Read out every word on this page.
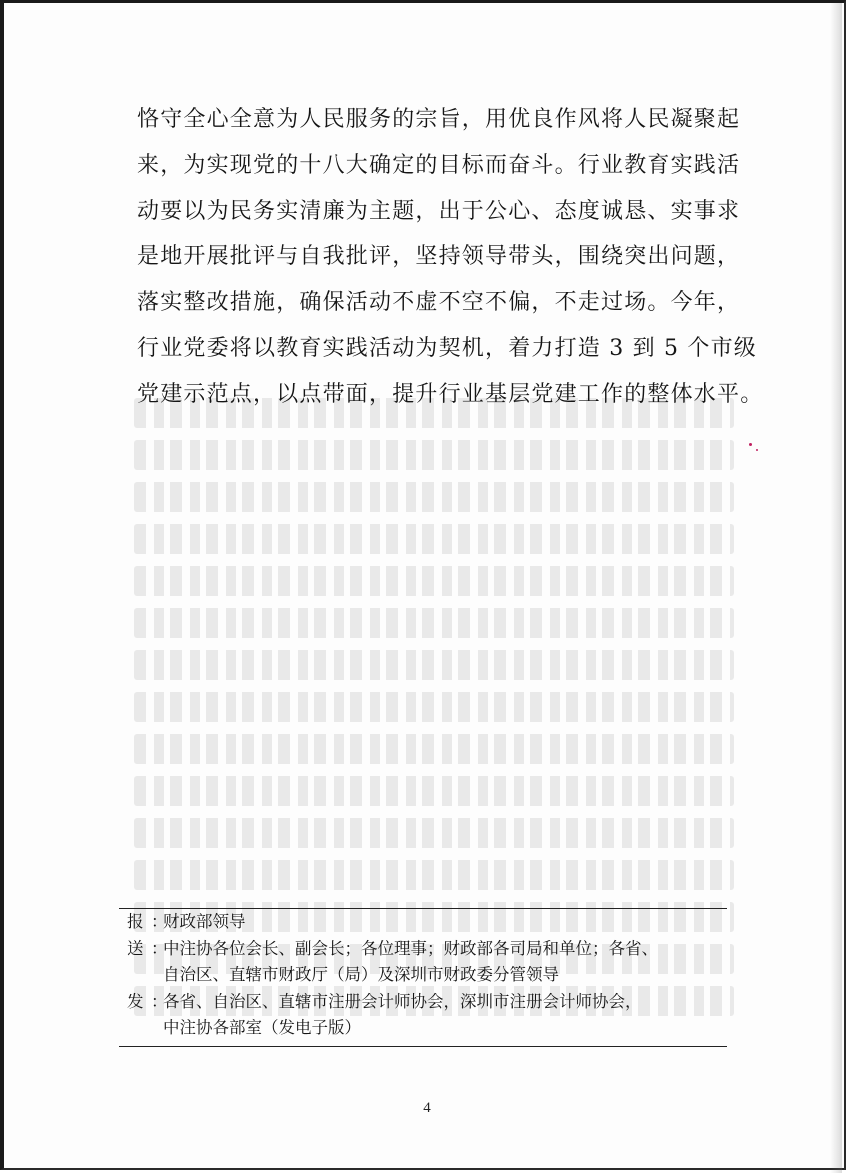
恪守全心全意为人民服务的宗旨，用优良作风将人民凝聚起
来，为实现党的十八大确定的目标而奋斗。行业教育实践活
动要以为民务实清廉为主题，出于公心、态度诚恳、实事求
是地开展批评与自我批评，坚持领导带头，围绕突出问题，
落实整改措施，确保活动不虚不空不偏，不走过场。今年，
行业党委将以教育实践活动为契机，着力打造 3 到 5 个市级
党建示范点，以点带面，提升行业基层党建工作的整体水平。
报 ：
财政部领导
送 ：
中注协各位会长、副会长；各位理事；财政部各司局和单位；各省、
自治区、直辖市财政厅（局）及深圳市财政委分管领导
发 ：
各省、自治区、直辖市注册会计师协会，深圳市注册会计师协会，
中注协各部室（发电子版）
4
